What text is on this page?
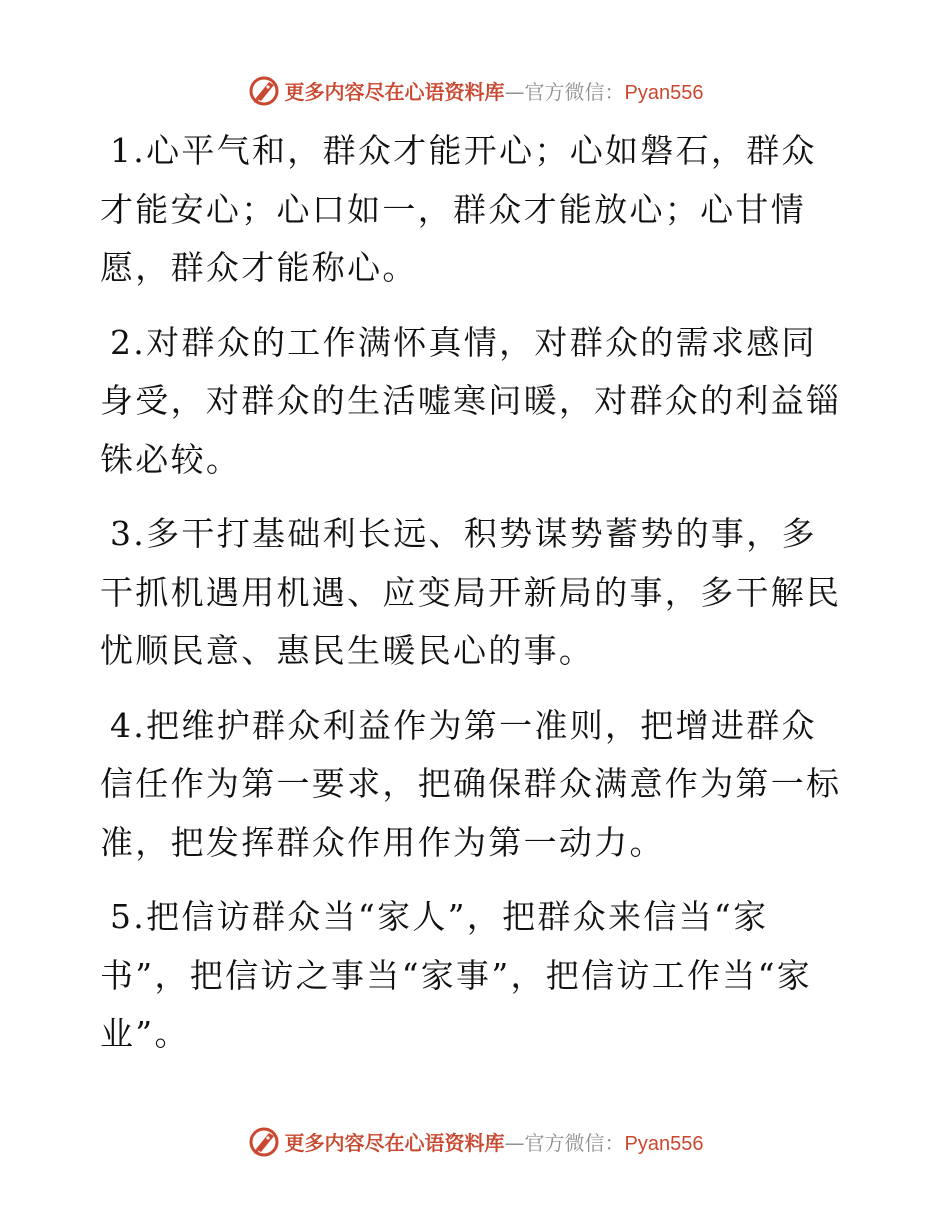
更多内容尽在心语资料库—官方微信：Pyan556

1.心平气和，群众才能开心；心如磐石，群众才能安心；心口如一，群众才能放心；心甘情愿，群众才能称心。

2.对群众的工作满怀真情，对群众的需求感同身受，对群众的生活嘘寒问暖，对群众的利益锱铢必较。

3.多干打基础利长远、积势谋势蓄势的事，多干抓机遇用机遇、应变局开新局的事，多干解民忧顺民意、惠民生暖民心的事。

4.把维护群众利益作为第一准则，把增进群众信任作为第一要求，把确保群众满意作为第一标准，把发挥群众作用作为第一动力。

5.把信访群众当“家人”，把群众来信当“家书”，把信访之事当“家事”，把信访工作当“家业”。

更多内容尽在心语资料库—官方微信：Pyan556
